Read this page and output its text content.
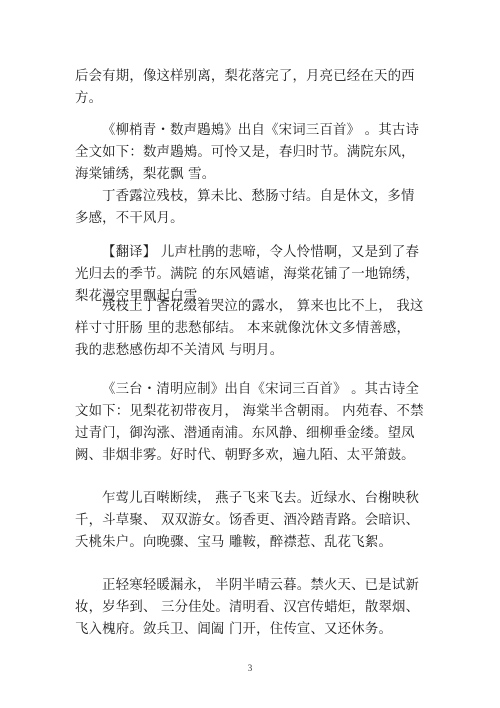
后会有期，像这样别离，梨花落完了，月亮已经在天的西方。

《柳梢青・数声鶗鴂》出自《宋词三百首》 。其古诗全文如下：数声鶗鴂。可怜又是，春归时节。满院东风，海棠铺绣，梨花飘 雪。

丁香露泣残枝，算未比、愁肠寸结。自是休文，多情多感，不干风月。

【翻译】 儿声杜鹃的悲啼，令人怜惜啊，又是到了春光归去的季节。满院 的东风嬉谑，海棠花铺了一地锦绣，梨花漫空里飘起白雪。

残枝上丁香花缀着哭泣的露水， 算来也比不上， 我这样寸寸肝肠 里的悲愁郁结。 本来就像沈休文多情善感， 我的悲愁感伤却不关清风 与明月。

《三台・清明应制》出自《宋词三百首》 。其古诗全文如下：见梨花初带夜月， 海棠半含朝雨。 内苑春、不禁过青门，御沟涨、潜通南浦。东风静、细柳垂金缕。望凤阙、非烟非雾。好时代、朝野多欢，遍九陌、太平箫鼓。

乍莺儿百啭断续， 燕子飞来飞去。近绿水、台榭映秋千，斗草聚、 双双游女。饧香更、酒冷踏青路。会暗识、夭桃朱户。向晚骤、宝马 雕鞍，醉襟惹、乱花飞絮。

正轻寒轻暖漏永， 半阴半晴云暮。禁火天、已是试新妆，岁华到、 三分佳处。清明看、汉宫传蜡炬，散翠烟、飞入槐府。敛兵卫、阊阖 门开，住传宣、又还休务。

3
